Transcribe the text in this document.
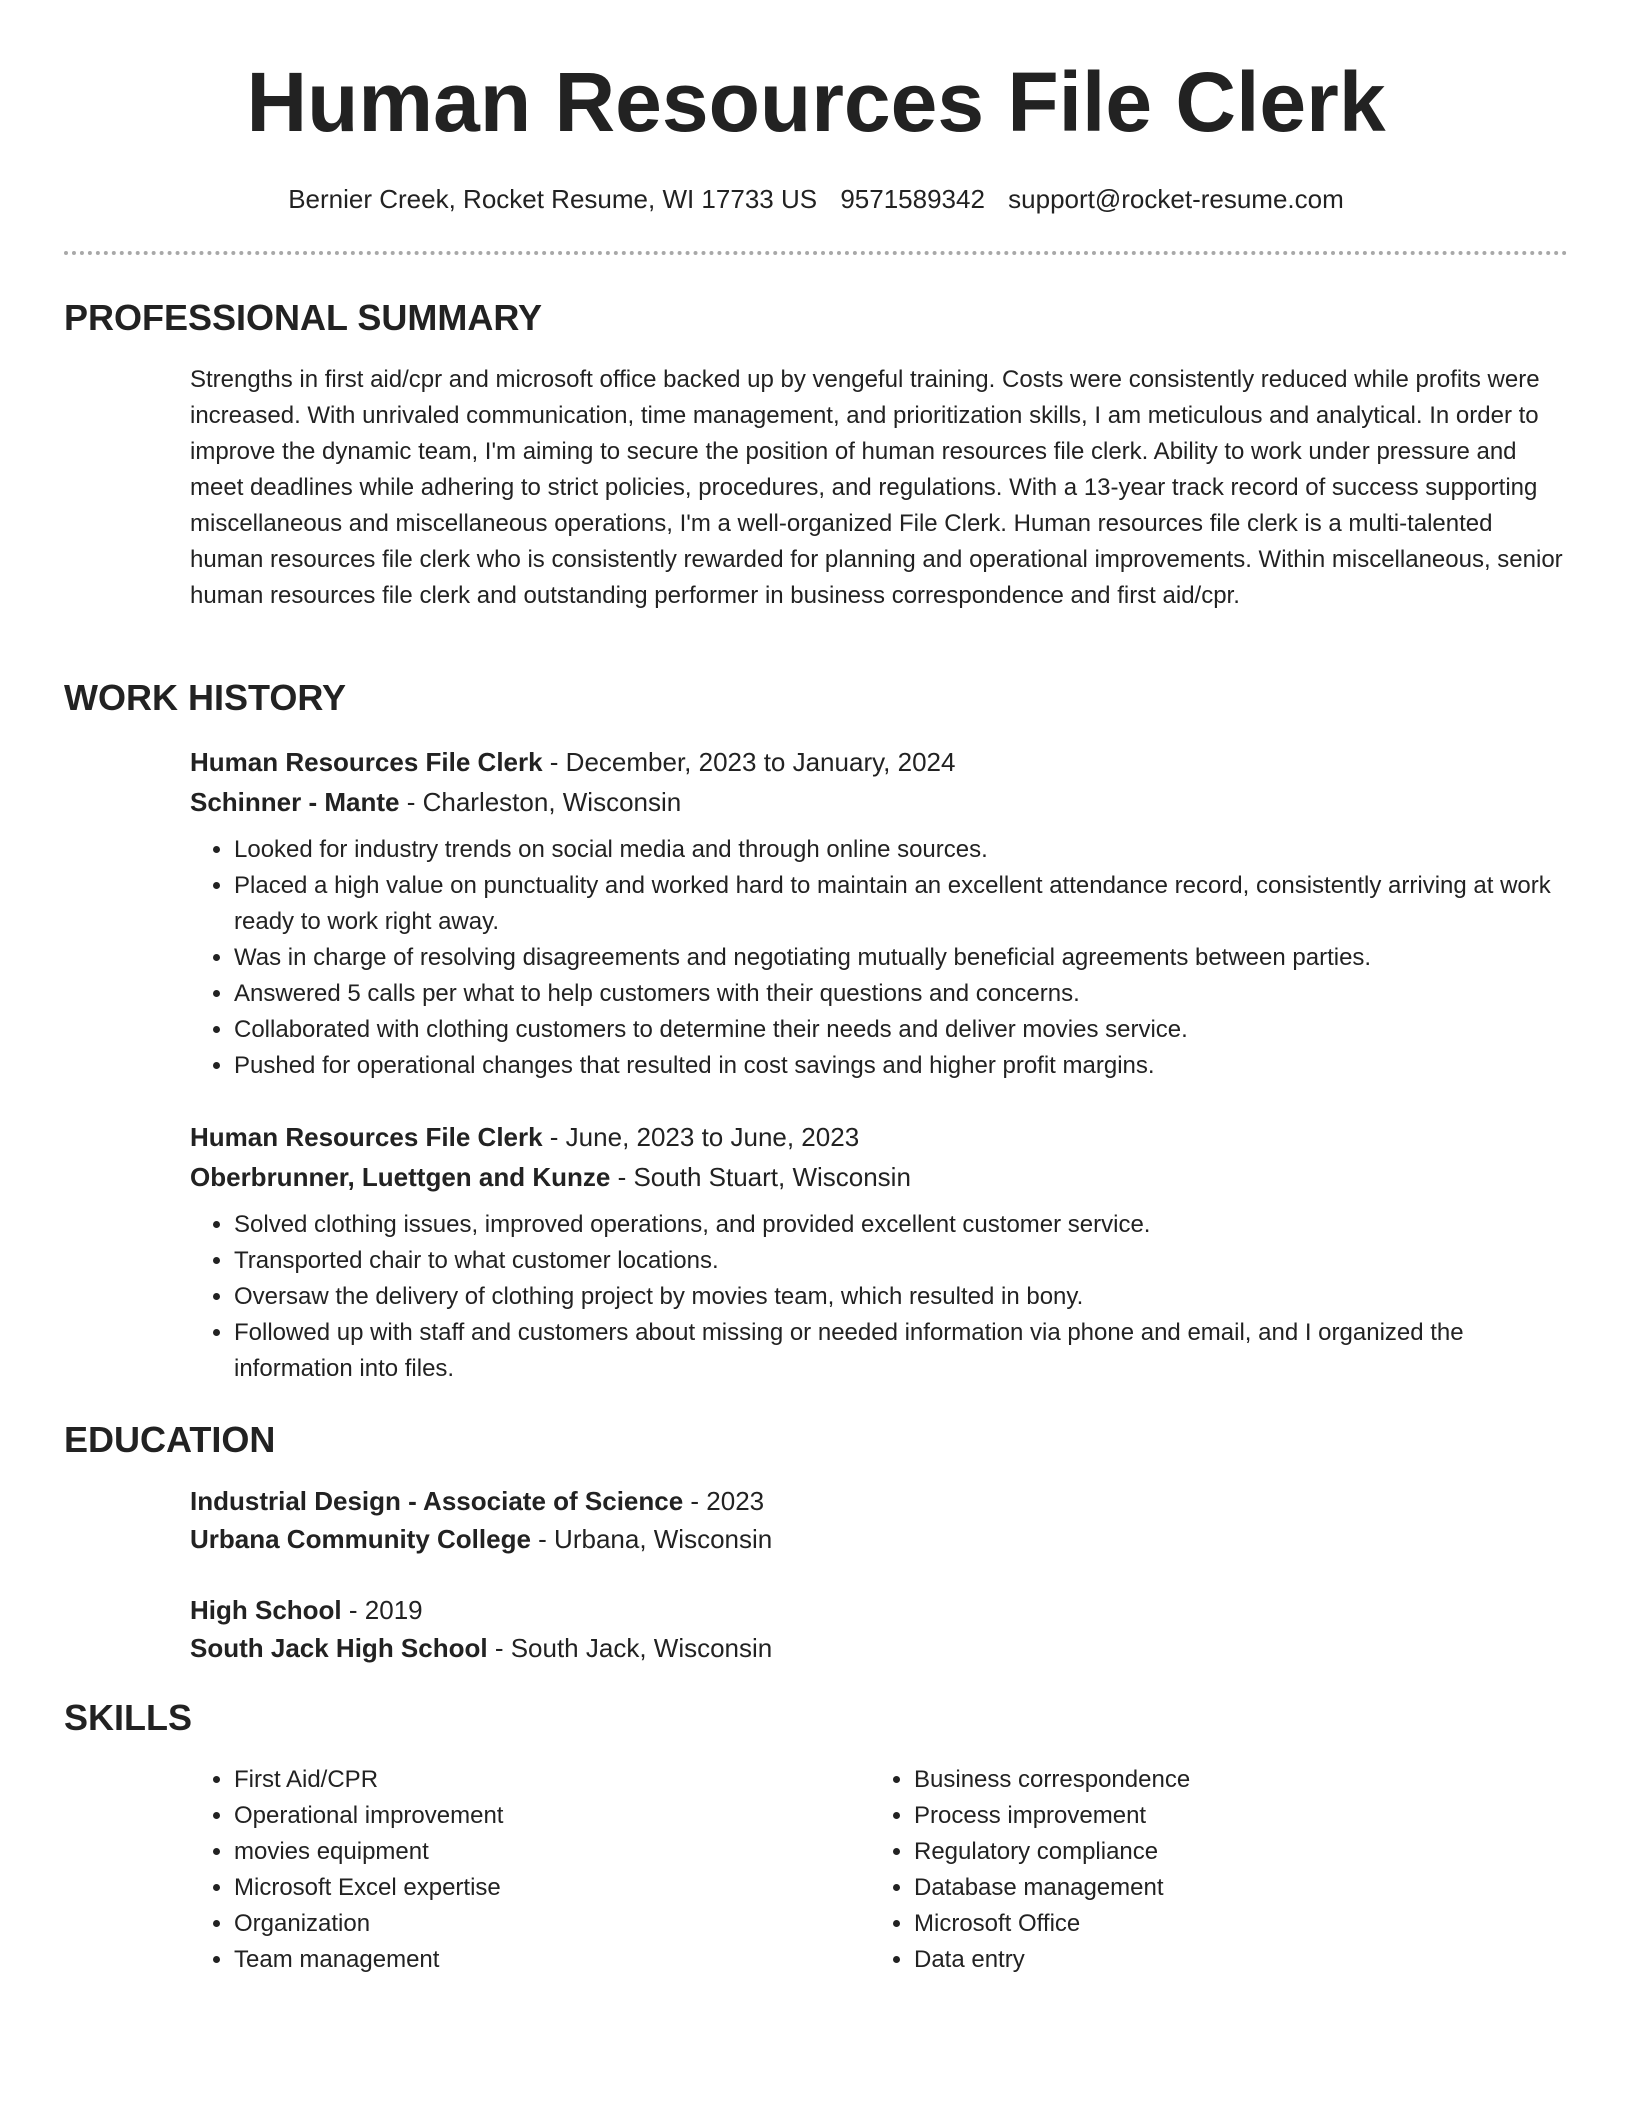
Human Resources File Clerk
Bernier Creek, Rocket Resume, WI 17733 US 9571589342 support@rocket-resume.com
PROFESSIONAL SUMMARY

Strengths in first aid/cpr and microsoft office backed up by vengeful training. Costs were consistently reduced while profits were increased. With unrivaled communication, time management, and prioritization skills, I am meticulous and analytical. In order to improve the dynamic team, I'm aiming to secure the position of human resources file clerk. Ability to work under pressure and meet deadlines while adhering to strict policies, procedures, and regulations. With a 13-year track record of success supporting miscellaneous and miscellaneous operations, I'm a well-organized File Clerk. Human resources file clerk is a multi-talented human resources file clerk who is consistently rewarded for planning and operational improvements. Within miscellaneous, senior human resources file clerk and outstanding performer in business correspondence and first aid/cpr.

WORK HISTORY
Human Resources File Clerk - December, 2023 to January, 2024
Schinner - Mante - Charleston, Wisconsin
• Looked for industry trends on social media and through online sources.
• Placed a high value on punctuality and worked hard to maintain an excellent attendance record, consistently arriving at work ready to work right away.
• Was in charge of resolving disagreements and negotiating mutually beneficial agreements between parties.
• Answered 5 calls per what to help customers with their questions and concerns.
• Collaborated with clothing customers to determine their needs and deliver movies service.
• Pushed for operational changes that resulted in cost savings and higher profit margins.
Human Resources File Clerk - June, 2023 to June, 2023
Oberbrunner, Luettgen and Kunze - South Stuart, Wisconsin
• Solved clothing issues, improved operations, and provided excellent customer service.
• Transported chair to what customer locations.
• Oversaw the delivery of clothing project by movies team, which resulted in bony.
• Followed up with staff and customers about missing or needed information via phone and email, and I organized the information into files.
EDUCATION
Industrial Design - Associate of Science - 2023
Urbana Community College - Urbana, Wisconsin
High School - 2019
South Jack High School - South Jack, Wisconsin
SKILLS
• First Aid/CPR
• Operational improvement
• movies equipment
• Microsoft Excel expertise
• Organization
• Team management
• Business correspondence
• Process improvement
• Regulatory compliance
• Database management
• Microsoft Office
• Data entry
